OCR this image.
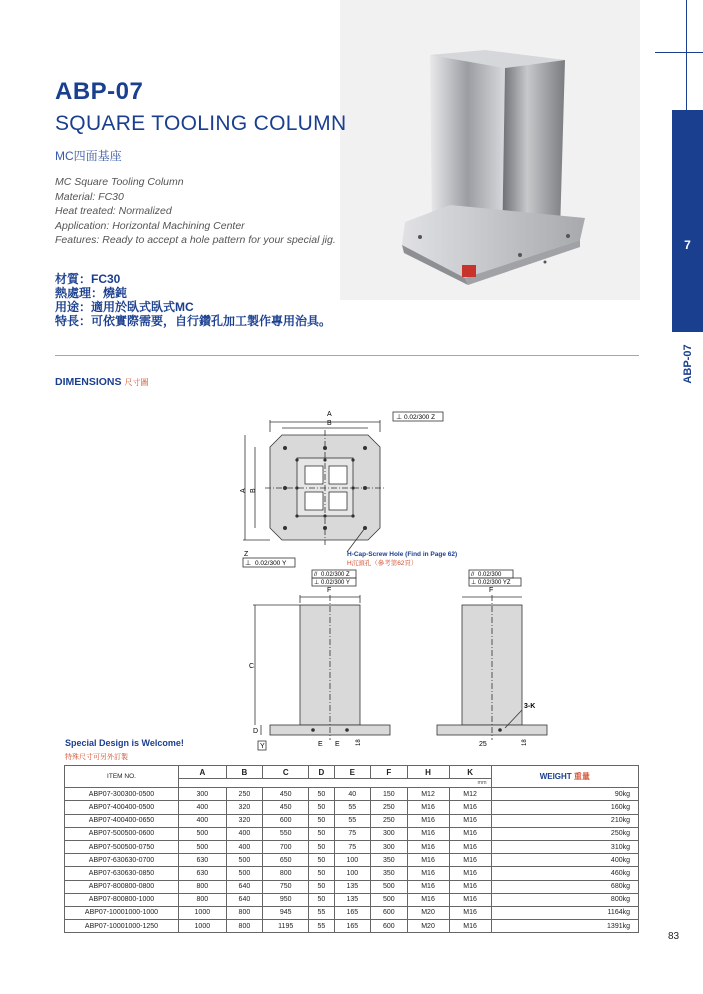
ABP-07
SQUARE TOOLING COLUMN
MC四面基座
MC Square Tooling Column
Material: FC30
Heat treated: Normalized
Application: Horizontal Machining Center
Features: Ready to accept a hole pattern for your special jig.
材質：FC30
熱處理：燒鈍
用途：適用於臥式臥式MC
特長：可依實際需要，自行鑽孔加工製作專用治具。
7
ABP-07
DIMENSIONS 尺寸圖
A
B
A B
⊥ 0.02/300 Z
Z
⊥ 0.02/300 Y
H-Cap-Screw Hole (Find in Page 62)
H沉頭孔（參考第62頁）
// 0.02/300 Z
⊥ 0.02/300 Y
F
C
D
Y	E E	18
// 0.02/300
⊥ 0.02/300 YZ
F
3-K
25	18
Special Design is Welcome!
特殊尺寸可另外訂製
ITEM NO.	A	B	C	D	E	F	H	K	WEIGHT 重量
	mm								
ABP07-300300-0500	300	250	450	50	40	150	M12	M12	90kg
ABP07-400400-0500	400	320	450	50	55	250	M16	M16	160kg
ABP07-400400-0650	400	320	600	50	55	250	M16	M16	210kg
ABP07-500500-0600	500	400	550	50	75	300	M16	M16	250kg
ABP07-500500-0750	500	400	700	50	75	300	M16	M16	310kg
ABP07-630630-0700	630	500	650	50	100	350	M16	M16	400kg
ABP07-630630-0850	630	500	800	50	100	350	M16	M16	460kg
ABP07-800800-0800	800	640	750	50	135	500	M16	M16	680kg
ABP07-800800-1000	800	640	950	50	135	500	M16	M16	800kg
ABP07-10001000-1000	1000	800	945	55	165	600	M20	M16	1164kg
ABP07-10001000-1250	1000	800	1195	55	165	600	M20	M16	1391kg
83
